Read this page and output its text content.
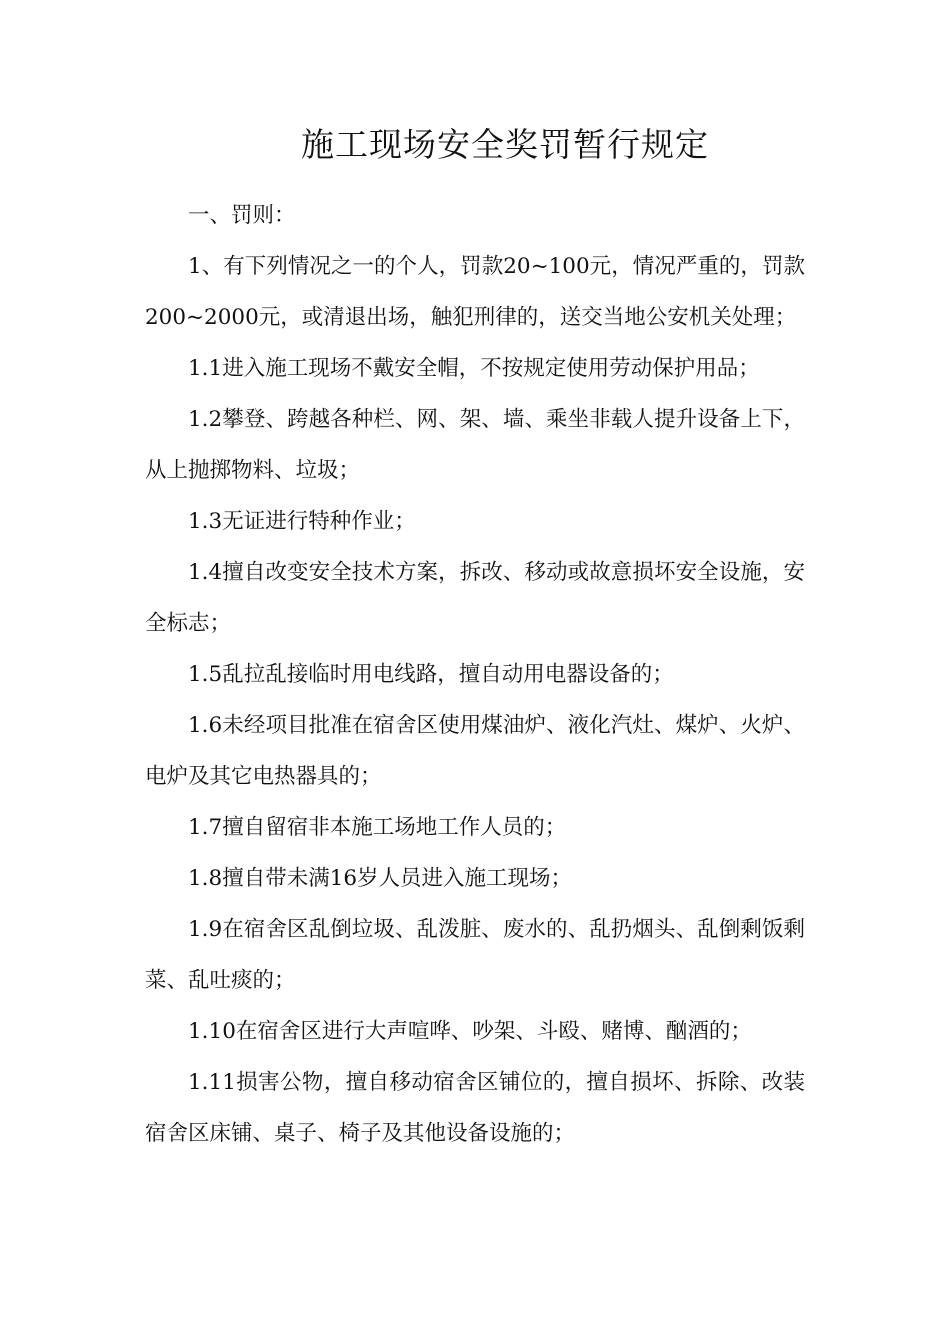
施工现场安全奖罚暂行规定

一、罚则：

1、有下列情况之一的个人，罚款20~100元，情况严重的，罚款200~2000元，或清退出场，触犯刑律的，送交当地公安机关处理；

1.1进入施工现场不戴安全帽，不按规定使用劳动保护用品；

1.2攀登、跨越各种栏、网、架、墙、乘坐非载人提升设备上下，从上抛掷物料、垃圾；

1.3无证进行特种作业；

1.4擅自改变安全技术方案，拆改、移动或故意损坏安全设施，安全标志；

1.5乱拉乱接临时用电线路，擅自动用电器设备的；

1.6未经项目批准在宿舍区使用煤油炉、液化汽灶、煤炉、火炉、电炉及其它电热器具的；

1.7擅自留宿非本施工场地工作人员的；

1.8擅自带未满16岁人员进入施工现场；

1.9在宿舍区乱倒垃圾、乱泼脏、废水的、乱扔烟头、乱倒剩饭剩菜、乱吐痰的；

1.10在宿舍区进行大声喧哗、吵架、斗殴、赌博、酗酒的；

1.11损害公物，擅自移动宿舍区铺位的，擅自损坏、拆除、改装宿舍区床铺、桌子、椅子及其他设备设施的；
